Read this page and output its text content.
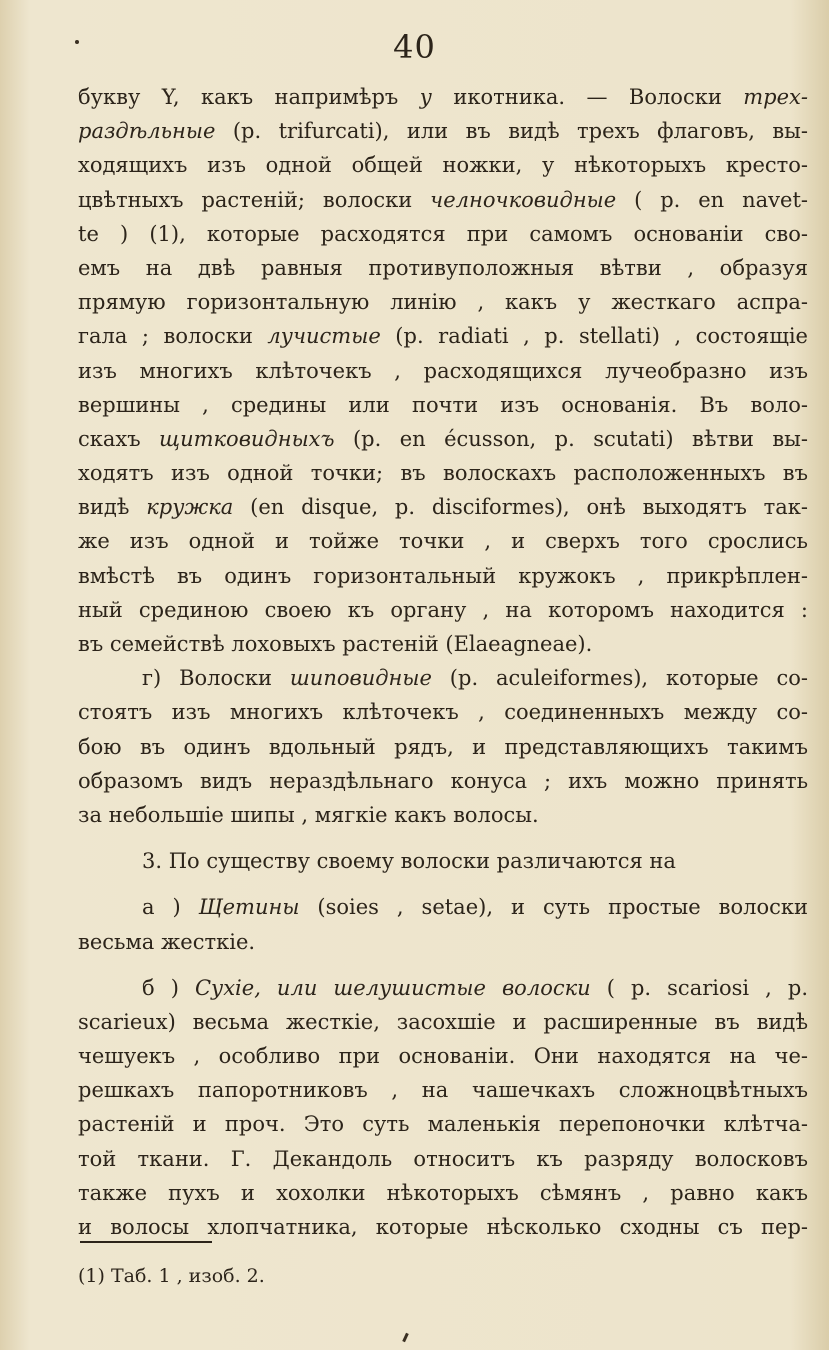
40
букву Y, какъ напримѣръ у икотника. — Волоски трех-
раздѣльные (p. trifurcati), или въ видѣ трехъ флаговъ, вы-
ходящихъ изъ одной общей ножки, у нѣкоторыхъ кресто-
цвѣтныхъ растеній; волоски челночковидные ( p. en navet-
te ) (1), которые расходятся при самомъ основаніи сво-
емъ на двѣ равныя противуположныя вѣтви , образуя
прямую горизонтальную линію , какъ у жесткаго аспра-
гала ; волоски лучистые (p. radiati , p. stellati) , состоящіе
изъ многихъ клѣточекъ , расходящихся лучеобразно изъ
вершины , средины или почти изъ основанія. Въ воло-
скахъ щитковидныхъ (p. en écusson, p. scutati) вѣтви вы-
ходятъ изъ одной точки; въ волоскахъ расположенныхъ въ
видѣ кружка (en disque, p. disciformes), онѣ выходятъ так-
же изъ одной и тойже точки , и сверхъ того срослись
вмѣстѣ въ одинъ горизонтальный кружокъ , прикрѣплен-
ный срединою своею къ органу , на которомъ находится :
въ семействѣ лоховыхъ растеній (Elaeagneae).
г) Волоски шиповидные (p. aculeiformes), которые со-
стоятъ изъ многихъ клѣточекъ , соединенныхъ между со-
бою въ одинъ вдольный рядъ, и представляющихъ такимъ
образомъ видъ нераздѣльнаго конуса ; ихъ можно принять
за небольшіе шипы , мягкіе какъ волосы.
3. По существу своему волоски различаются на
а ) Щетины (soies , setae), и суть простые волоски
весьма жесткіе.
б ) Сухіе, или шелушистые волоски ( p. scariosi , p.
scarieux) весьма жесткіе, засохшіе и расширенные въ видѣ
чешуекъ , особливо при основаніи. Они находятся на че-
решкахъ папоротниковъ , на чашечкахъ сложноцвѣтныхъ
растеній и проч. Это суть маленькія перепоночки клѣтча-
той ткани. Г. Декандоль относитъ къ разряду волосковъ
также пухъ и хохолки нѣкоторыхъ сѣмянъ , равно какъ
и волосы хлопчатника, которые нѣсколько сходны съ пер-
(1) Таб. 1 , изоб. 2.
